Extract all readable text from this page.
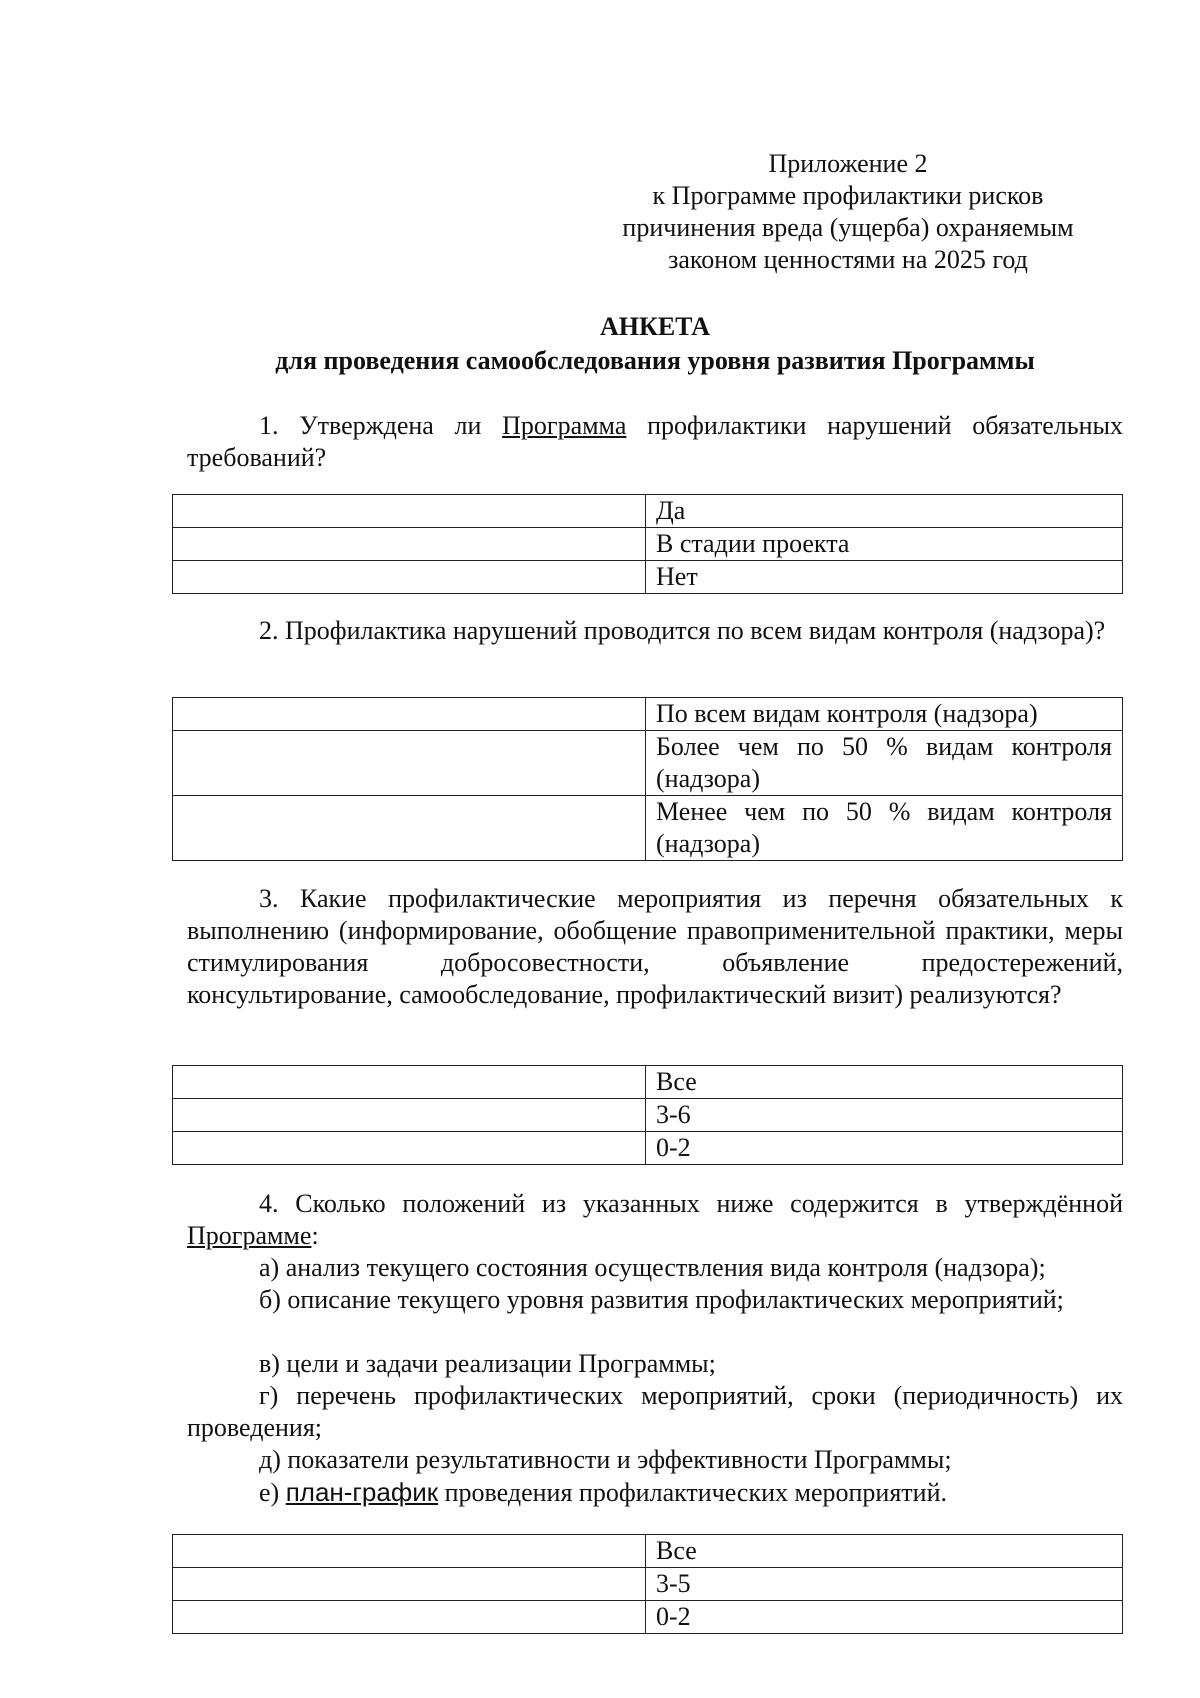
Приложение 2
к Программе профилактики рисков
причинения вреда (ущерба) охраняемым
законом ценностями на 2025 год
АНКЕТА
для проведения самообследования уровня развития Программы
1. Утверждена ли Программа профилактики нарушений обязательных требований?
	Да
	В стадии проекта
	Нет
2. Профилактика нарушений проводится по всем видам контроля (надзора)?
	По всем видам контроля (надзора)
	Более чем по 50 % видам контроля (надзора)
	Менее чем по 50 % видам контроля (надзора)
3. Какие профилактические мероприятия из перечня обязательных к выполнению (информирование, обобщение правоприменительной практики, меры стимулирования добросовестности, объявление предостережений, консультирование, самообследование, профилактический визит) реализуются?
	Все
	3-6
	0-2
4. Сколько положений из указанных ниже содержится в утверждённой Программе:
а) анализ текущего состояния осуществления вида контроля (надзора);
б) описание текущего уровня развития профилактических мероприятий;
в) цели и задачи реализации Программы;
г) перечень профилактических мероприятий, сроки (периодичность) их проведения;
д) показатели результативности и эффективности Программы;
е) план-график проведения профилактических мероприятий.
	Все
	3-5
	0-2
